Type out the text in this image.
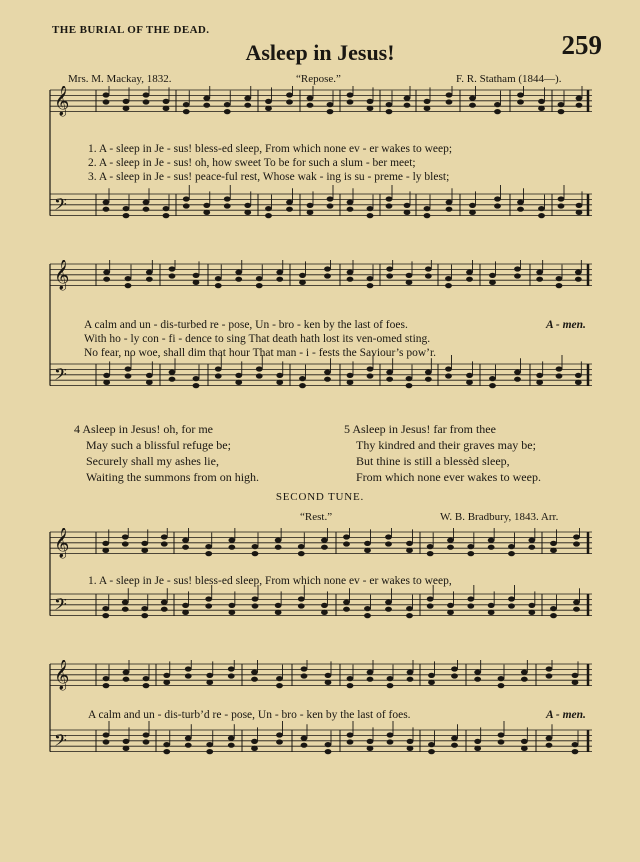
THE BURIAL OF THE DEAD.	259
Asleep in Jesus!
Mrs. M. Mackay, 1832.	“Repose.”	F. R. Statham (1844—).
𝄞
𝄢
1. A - sleep in Je - sus! bless-ed sleep, From which none ev - er wakes to weep;
2. A - sleep in Je - sus! oh, how sweet To be for such a slum - ber meet;
3. A - sleep in Je - sus! peace-ful rest, Whose wak - ing is su - preme - ly blest;
𝄞
𝄢
A calm and un - dis-turbed re - pose, Un - bro - ken by the last of foes.	A - men.
With ho - ly con - fi - dence to sing That death hath lost its ven-omed sting.
No fear, no woe, shall dim that hour That man - i - fests the Saviour’s pow’r.
4 Asleep in Jesus! oh, for me
May such a blissful refuge be;
Securely shall my ashes lie,
Waiting the summons from on high.
5 Asleep in Jesus! far from thee
Thy kindred and their graves may be;
But thine is still a blessèd sleep,
From which none ever wakes to weep.
SECOND TUNE.
“Rest.”	W. B. Bradbury, 1843. Arr.
𝄞
𝄢
1. A - sleep in Je - sus! bless-ed sleep, From which none ev - er wakes to weep,
𝄞
𝄢
A calm and un - dis-turb’d re - pose, Un - bro - ken by the last of foes.	A - men.
